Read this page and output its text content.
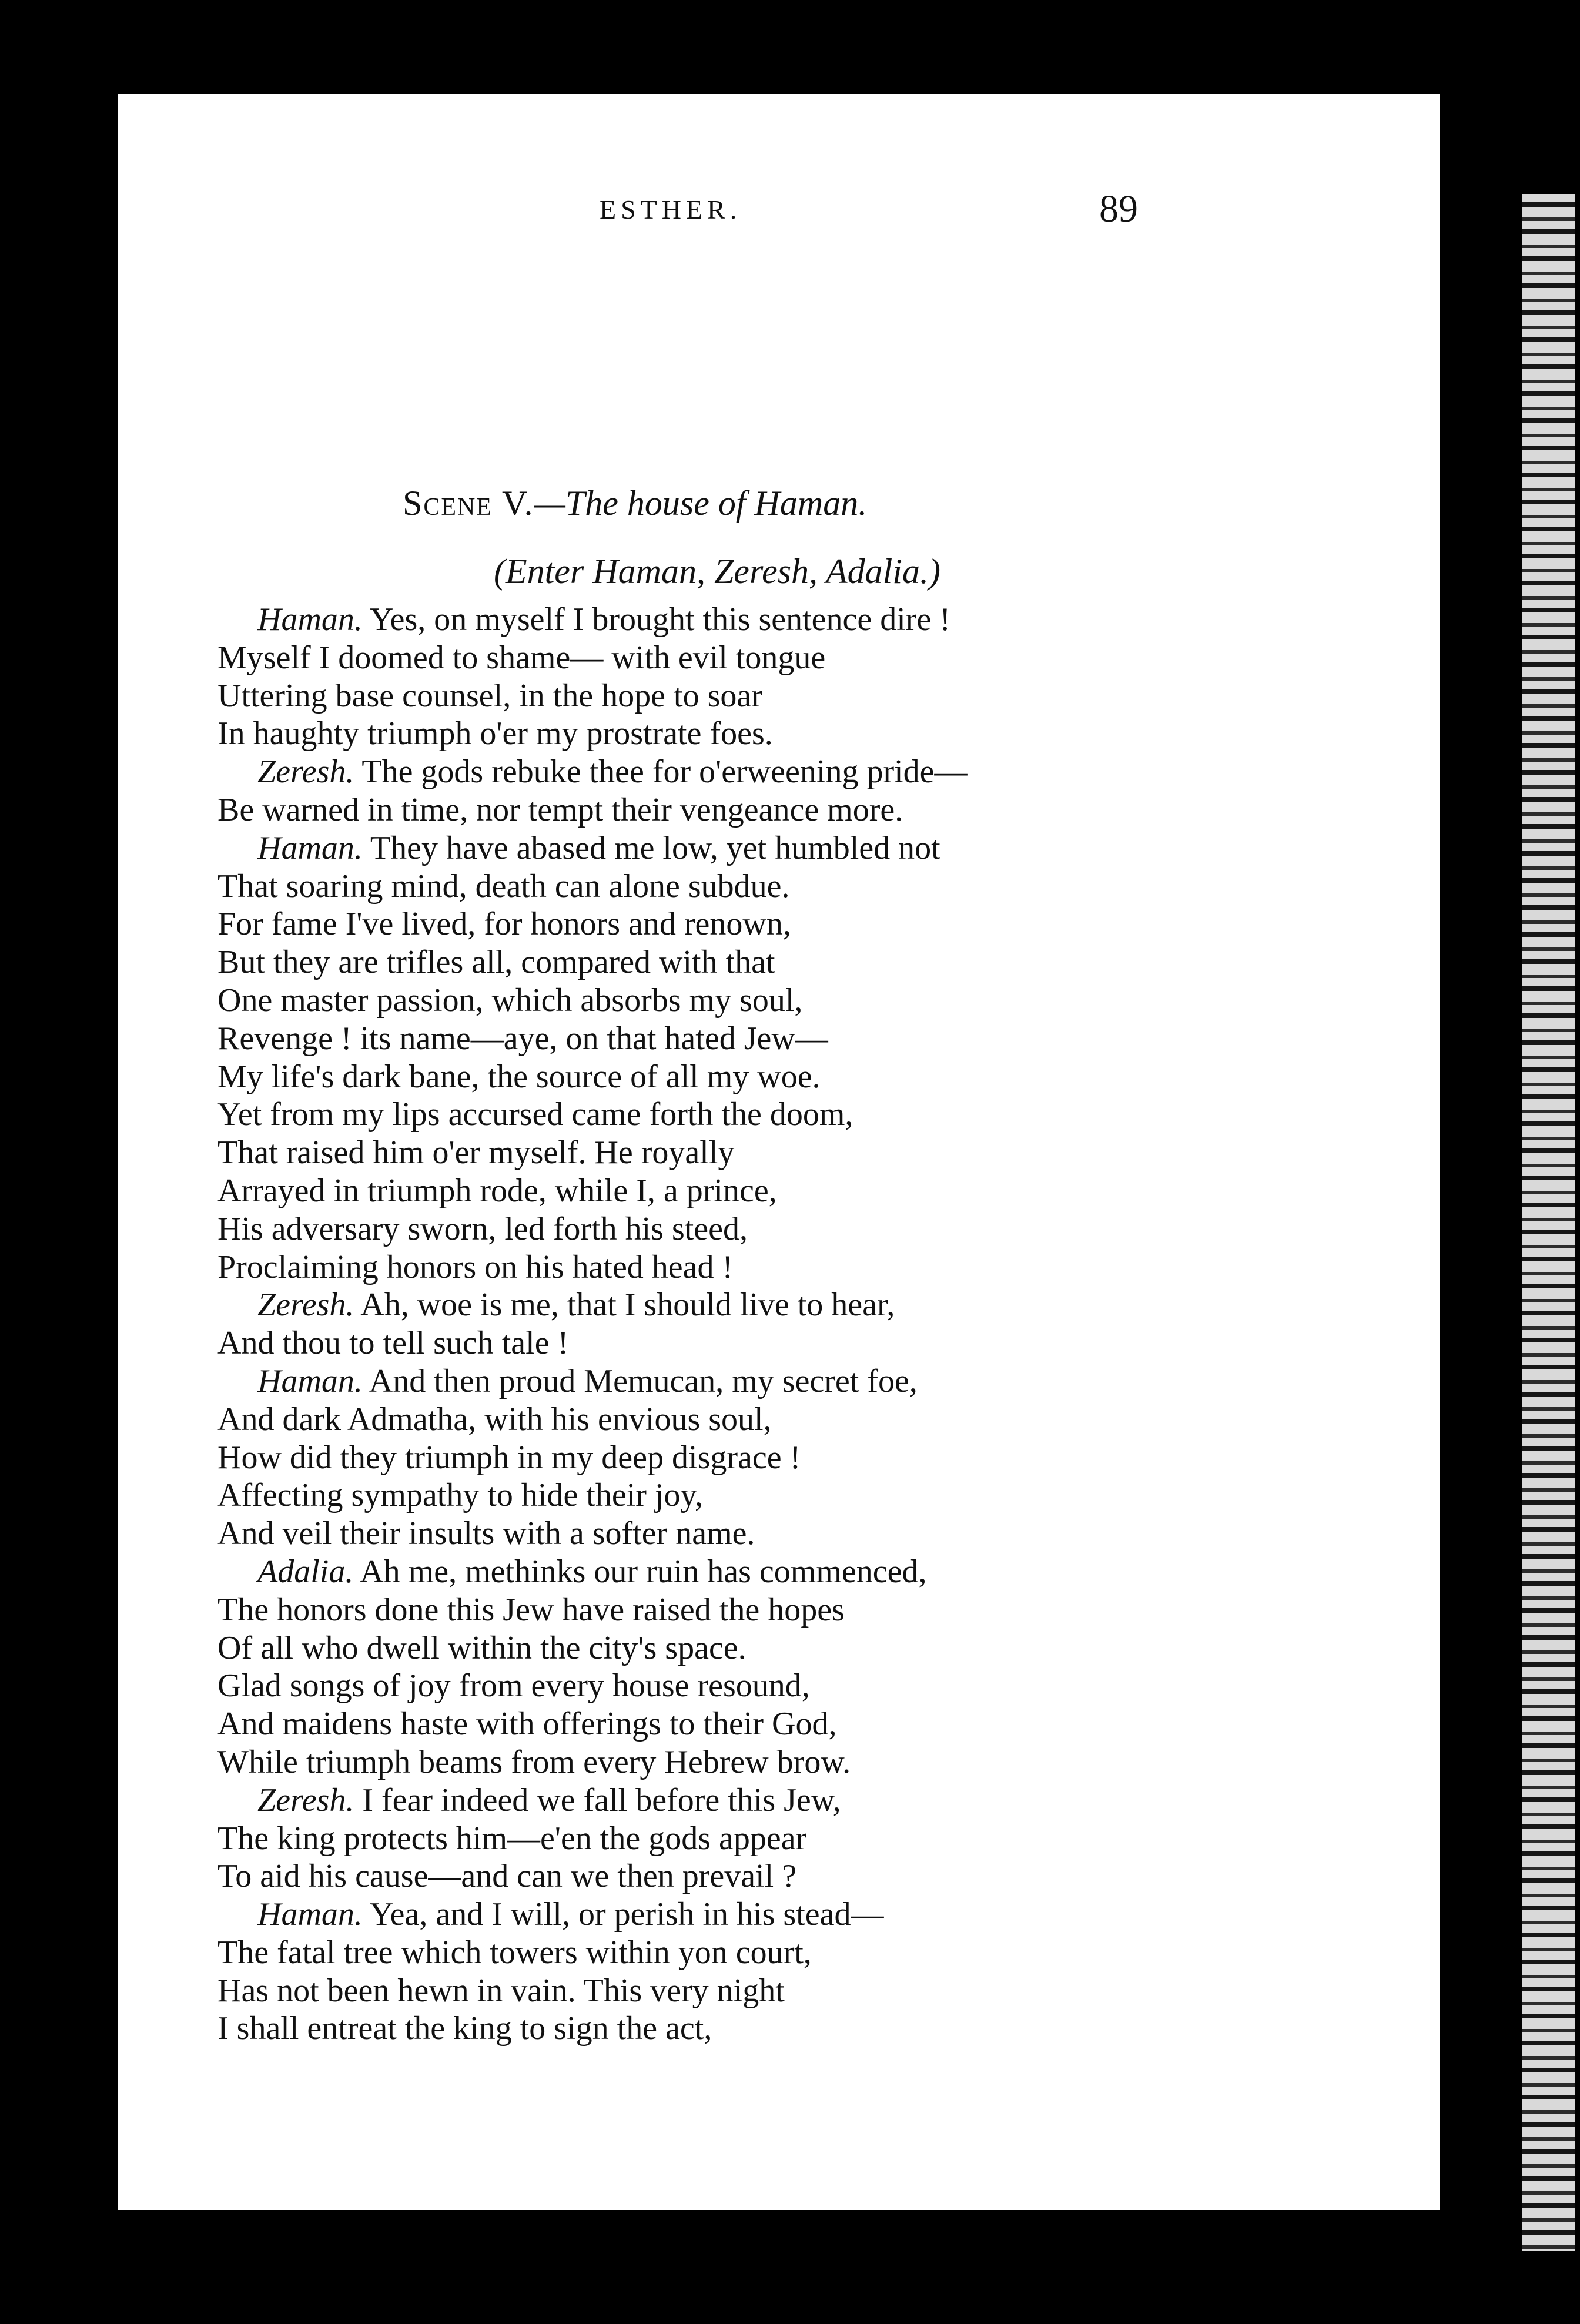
ESTHER.	89
Scene V.—The house of Haman.
(Enter Haman, Zeresh, Adalia.)
Haman. Yes, on myself I brought this sentence dire !
Myself I doomed to shame— with evil tongue
Uttering base counsel, in the hope to soar
In haughty triumph o'er my prostrate foes.
Zeresh. The gods rebuke thee for o'erweening pride—
Be warned in time, nor tempt their vengeance more.
Haman. They have abased me low, yet humbled not
That soaring mind, death can alone subdue.
For fame I've lived, for honors and renown,
But they are trifles all, compared with that
One master passion, which absorbs my soul,
Revenge ! its name—aye, on that hated Jew—
My life's dark bane, the source of all my woe.
Yet from my lips accursed came forth the doom,
That raised him o'er myself. He royally
Arrayed in triumph rode, while I, a prince,
His adversary sworn, led forth his steed,
Proclaiming honors on his hated head !
Zeresh. Ah, woe is me, that I should live to hear,
And thou to tell such tale !
Haman. And then proud Memucan, my secret foe,
And dark Admatha, with his envious soul,
How did they triumph in my deep disgrace !
Affecting sympathy to hide their joy,
And veil their insults with a softer name.
Adalia. Ah me, methinks our ruin has commenced,
The honors done this Jew have raised the hopes
Of all who dwell within the city's space.
Glad songs of joy from every house resound,
And maidens haste with offerings to their God,
While triumph beams from every Hebrew brow.
Zeresh. I fear indeed we fall before this Jew,
The king protects him—e'en the gods appear
To aid his cause—and can we then prevail ?
Haman. Yea, and I will, or perish in his stead—
The fatal tree which towers within yon court,
Has not been hewn in vain. This very night
I shall entreat the king to sign the act,
